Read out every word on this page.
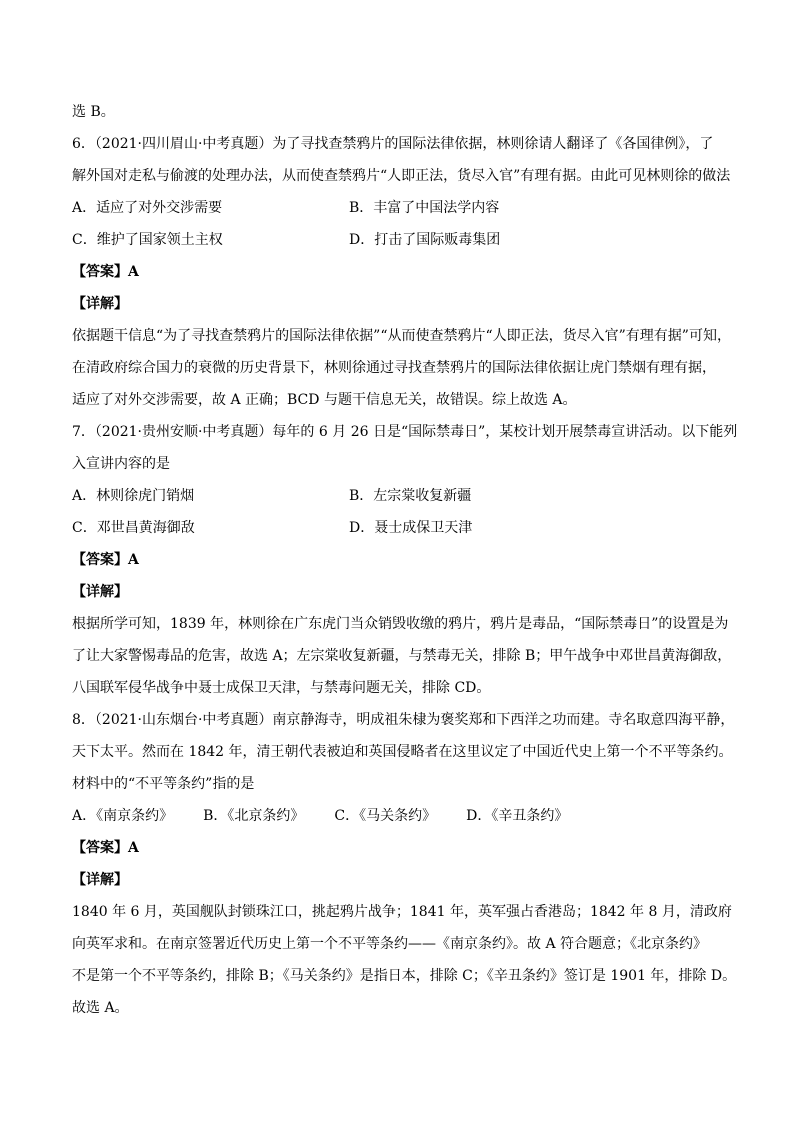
选 B。
6．（2021·四川眉山·中考真题）为了寻找查禁鸦片的国际法律依据，林则徐请人翻译了《各国律例》，了
解外国对走私与偷渡的处理办法，从而使查禁鸦片“人即正法，货尽入官”有理有据。由此可见林则徐的做法
A．适应了对外交涉需要	B．丰富了中国法学内容
C．维护了国家领土主权	D．打击了国际贩毒集团
【答案】A
【详解】
依据题干信息“为了寻找查禁鸦片的国际法律依据”“从而使查禁鸦片“人即正法，货尽入官”有理有据”可知，
在清政府综合国力的衰微的历史背景下，林则徐通过寻找查禁鸦片的国际法律依据让虎门禁烟有理有据，
适应了对外交涉需要，故 A 正确；BCD 与题干信息无关，故错误。综上故选 A。
7．（2021·贵州安顺·中考真题）每年的 6 月 26 日是“国际禁毒日”，某校计划开展禁毒宣讲活动。以下能列
入宣讲内容的是
A．林则徐虎门销烟	B．左宗棠收复新疆
C．邓世昌黄海御敌	D．聂士成保卫天津
【答案】A
【详解】
根据所学可知，1839 年，林则徐在广东虎门当众销毁收缴的鸦片，鸦片是毒品，“国际禁毒日”的设置是为
了让大家警惕毒品的危害，故选 A；左宗棠收复新疆，与禁毒无关，排除 B；甲午战争中邓世昌黄海御敌，
八国联军侵华战争中聂士成保卫天津，与禁毒问题无关，排除 CD。
8．（2021·山东烟台·中考真题）南京静海寺，明成祖朱棣为褒奖郑和下西洋之功而建。寺名取意四海平静，
天下太平。然而在 1842 年，清王朝代表被迫和英国侵略者在这里议定了中国近代史上第一个不平等条约。
材料中的“不平等条约”指的是
A．《南京条约》 B．《北京条约》 C．《马关条约》 D．《辛丑条约》
【答案】A
【详解】
1840 年 6 月，英国舰队封锁珠江口，挑起鸦片战争；1841 年，英军强占香港岛；1842 年 8 月，清政府
向英军求和。在南京签署近代历史上第一个不平等条约——《南京条约》。故 A 符合题意；《北京条约》
不是第一个不平等条约，排除 B；《马关条约》是指日本，排除 C；《辛丑条约》签订是 1901 年，排除 D。
故选 A。
